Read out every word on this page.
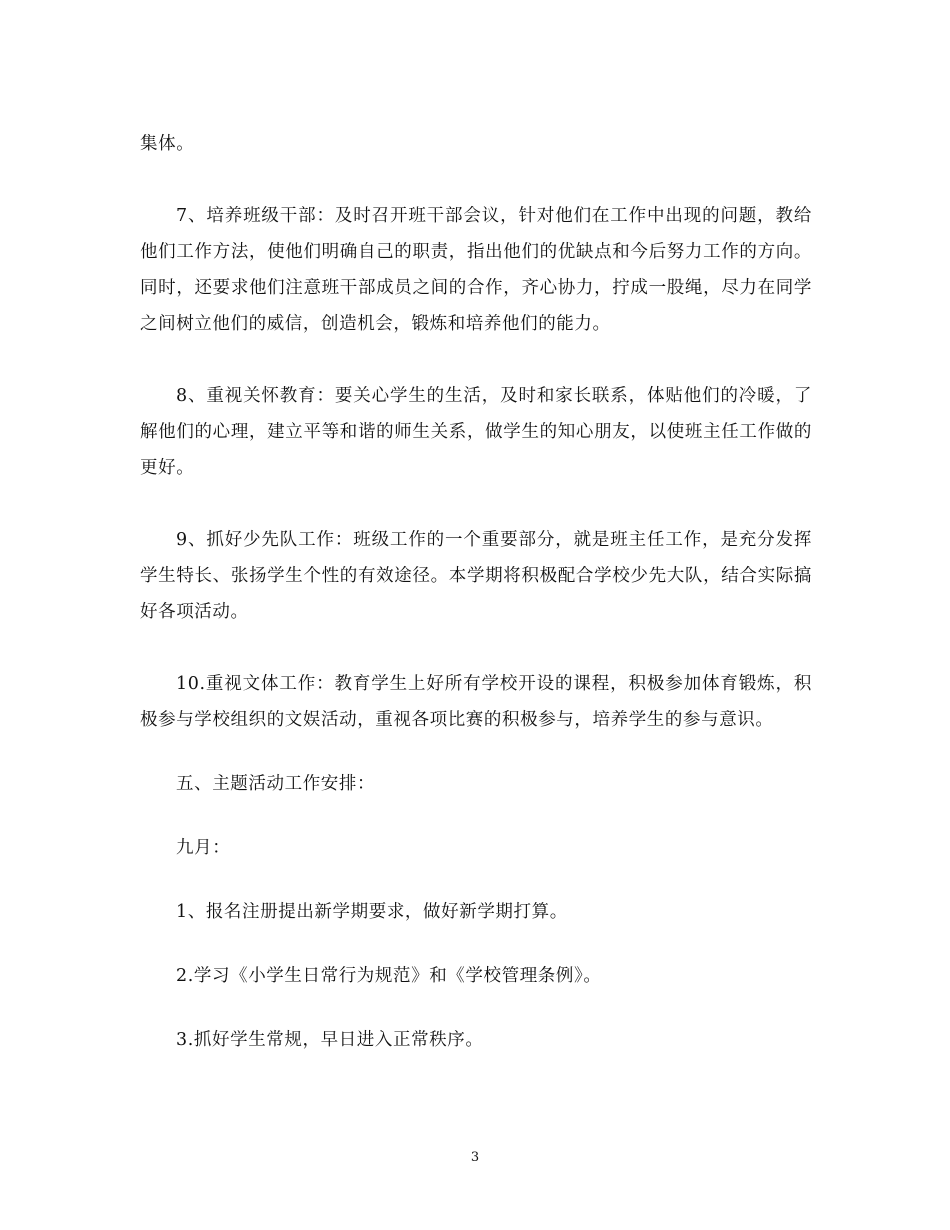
集体。

7、培养班级干部：及时召开班干部会议，针对他们在工作中出现的问题，教给他们工作方法，使他们明确自己的职责，指出他们的优缺点和今后努力工作的方向。同时，还要求他们注意班干部成员之间的合作，齐心协力，拧成一股绳，尽力在同学之间树立他们的威信，创造机会，锻炼和培养他们的能力。

8、重视关怀教育：要关心学生的生活，及时和家长联系，体贴他们的冷暖，了解他们的心理，建立平等和谐的师生关系，做学生的知心朋友，以使班主任工作做的更好。

9、抓好少先队工作：班级工作的一个重要部分，就是班主任工作，是充分发挥学生特长、张扬学生个性的有效途径。本学期将积极配合学校少先大队，结合实际搞好各项活动。

10.重视文体工作：教育学生上好所有学校开设的课程，积极参加体育锻炼，积极参与学校组织的文娱活动，重视各项比赛的积极参与，培养学生的参与意识。

五、主题活动工作安排：

九月：

1、报名注册提出新学期要求，做好新学期打算。

2.学习《小学生日常行为规范》和《学校管理条例》。

3.抓好学生常规，早日进入正常秩序。

3
